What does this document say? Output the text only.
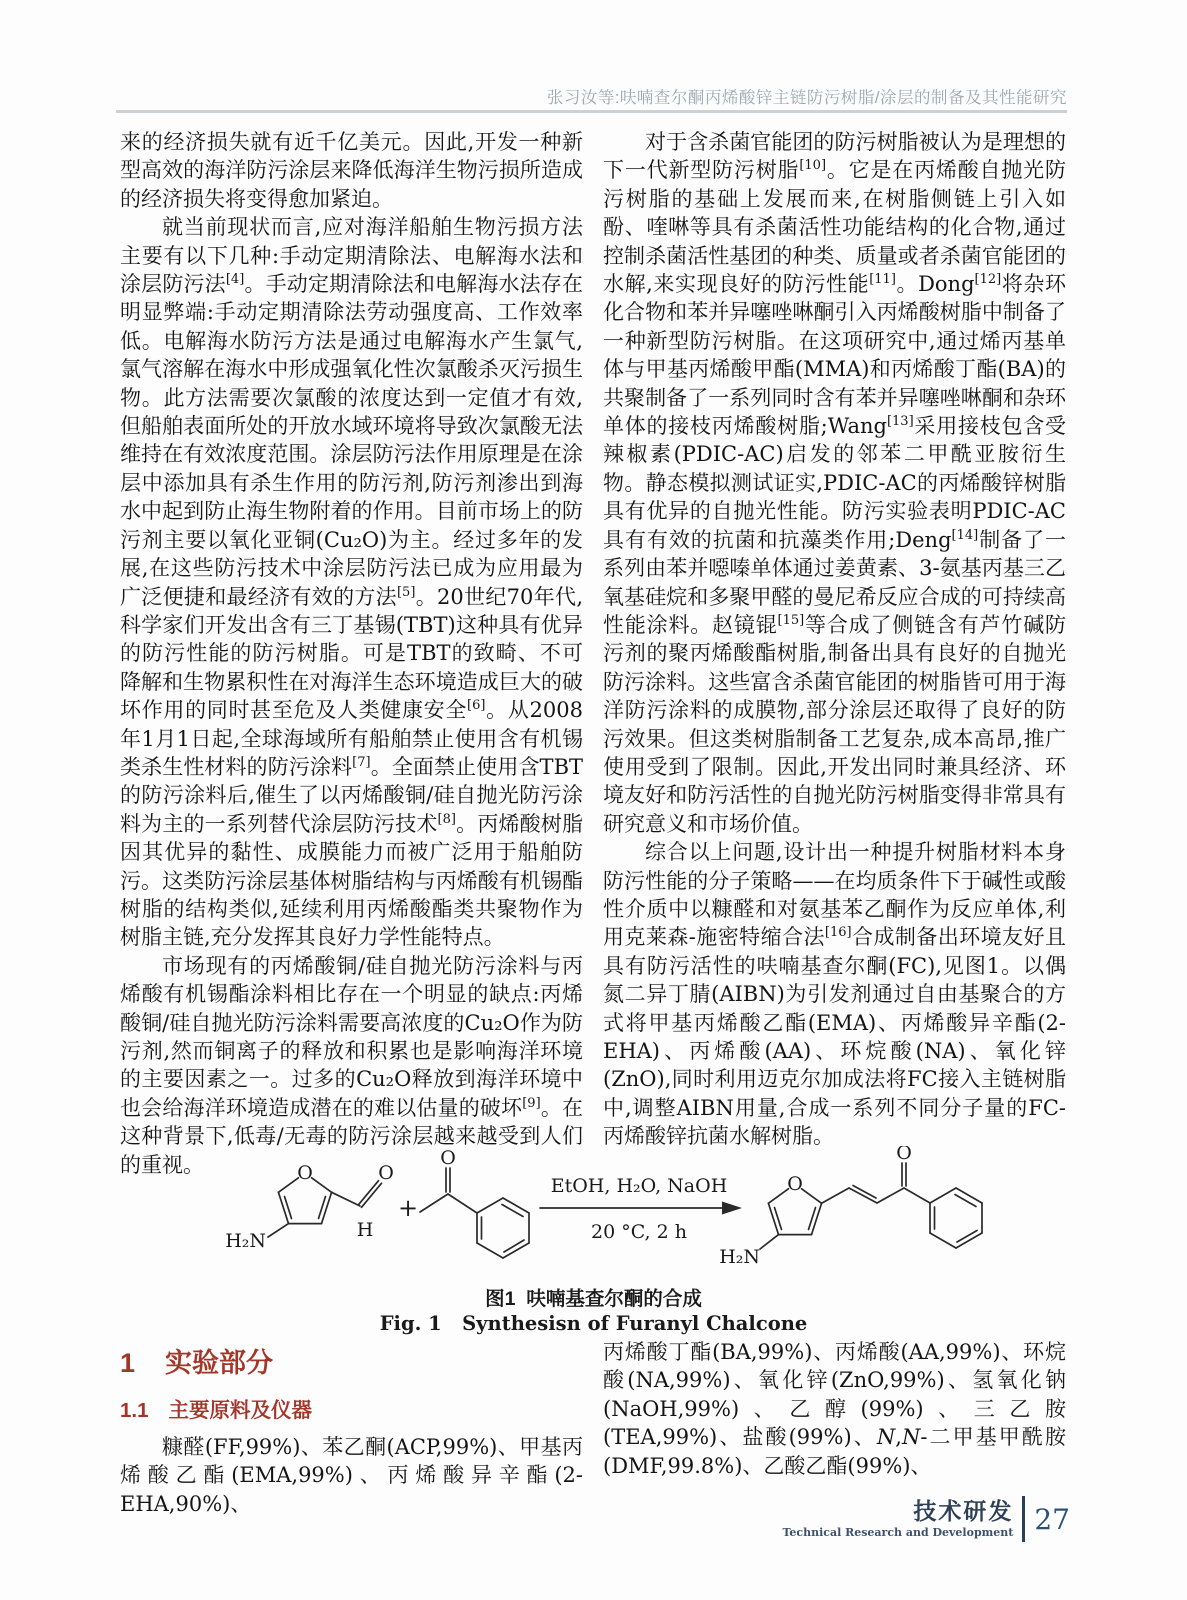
张习汝等:呋喃查尔酮丙烯酸锌主链防污树脂/涂层的制备及其性能研究

来的经济损失就有近千亿美元。因此,开发一种新型高效的海洋防污涂层来降低海洋生物污损所造成的经济损失将变得愈加紧迫。

就当前现状而言,应对海洋船舶生物污损方法主要有以下几种:手动定期清除法、电解海水法和涂层防污法[4]。手动定期清除法和电解海水法存在明显弊端:手动定期清除法劳动强度高、工作效率低。电解海水防污方法是通过电解海水产生氯气,氯气溶解在海水中形成强氧化性次氯酸杀灭污损生物。此方法需要次氯酸的浓度达到一定值才有效,但船舶表面所处的开放水域环境将导致次氯酸无法维持在有效浓度范围。涂层防污法作用原理是在涂层中添加具有杀生作用的防污剂,防污剂渗出到海水中起到防止海生物附着的作用。目前市场上的防污剂主要以氧化亚铜(Cu₂O)为主。经过多年的发展,在这些防污技术中涂层防污法已成为应用最为广泛便捷和最经济有效的方法[5]。20世纪70年代,科学家们开发出含有三丁基锡(TBT)这种具有优异的防污性能的防污树脂。可是TBT的致畸、不可降解和生物累积性在对海洋生态环境造成巨大的破坏作用的同时甚至危及人类健康安全[6]。从2008年1月1日起,全球海域所有船舶禁止使用含有机锡类杀生性材料的防污涂料[7]。全面禁止使用含TBT的防污涂料后,催生了以丙烯酸铜/硅自抛光防污涂料为主的一系列替代涂层防污技术[8]。丙烯酸树脂因其优异的黏性、成膜能力而被广泛用于船舶防污。这类防污涂层基体树脂结构与丙烯酸有机锡酯树脂的结构类似,延续利用丙烯酸酯类共聚物作为树脂主链,充分发挥其良好力学性能特点。

市场现有的丙烯酸铜/硅自抛光防污涂料与丙烯酸有机锡酯涂料相比存在一个明显的缺点:丙烯酸铜/硅自抛光防污涂料需要高浓度的Cu₂O作为防污剂,然而铜离子的释放和积累也是影响海洋环境的主要因素之一。过多的Cu₂O释放到海洋环境中也会给海洋环境造成潜在的难以估量的破坏[9]。在这种背景下,低毒/无毒的防污涂层越来越受到人们的重视。

对于含杀菌官能团的防污树脂被认为是理想的下一代新型防污树脂[10]。它是在丙烯酸自抛光防污树脂的基础上发展而来,在树脂侧链上引入如酚、喹啉等具有杀菌活性功能结构的化合物,通过控制杀菌活性基团的种类、质量或者杀菌官能团的水解,来实现良好的防污性能[11]。Dong[12]将杂环化合物和苯并异噻唑啉酮引入丙烯酸树脂中制备了一种新型防污树脂。在这项研究中,通过烯丙基单体与甲基丙烯酸甲酯(MMA)和丙烯酸丁酯(BA)的共聚制备了一系列同时含有苯并异噻唑啉酮和杂环单体的接枝丙烯酸树脂;Wang[13]采用接枝包含受辣椒素(PDIC-AC)启发的邻苯二甲酰亚胺衍生物。静态模拟测试证实,PDIC-AC的丙烯酸锌树脂具有优异的自抛光性能。防污实验表明PDIC-AC具有有效的抗菌和抗藻类作用;Deng[14]制备了一系列由苯并噁嗪单体通过姜黄素、3-氨基丙基三乙氧基硅烷和多聚甲醛的曼尼希反应合成的可持续高性能涂料。赵镜锟[15]等合成了侧链含有芦竹碱防污剂的聚丙烯酸酯树脂,制备出具有良好的自抛光防污涂料。这些富含杀菌官能团的树脂皆可用于海洋防污涂料的成膜物,部分涂层还取得了良好的防污效果。但这类树脂制备工艺复杂,成本高昂,推广使用受到了限制。因此,开发出同时兼具经济、环境友好和防污活性的自抛光防污树脂变得非常具有研究意义和市场价值。

综合以上问题,设计出一种提升树脂材料本身防污性能的分子策略——在均质条件下于碱性或酸性介质中以糠醛和对氨基苯乙酮作为反应单体,利用克莱森-施密特缩合法[16]合成制备出环境友好且具有防污活性的呋喃基查尔酮(FC),见图1。以偶氮二异丁腈(AIBN)为引发剂通过自由基聚合的方式将甲基丙烯酸乙酯(EMA)、丙烯酸异辛酯(2-EHA)、丙烯酸(AA)、环烷酸(NA)、氧化锌(ZnO),同时利用迈克尔加成法将FC接入主链树脂中,调整AIBN用量,合成一系列不同分子量的FC-丙烯酸锌抗菌水解树脂。

O	O
H
H₂N
+
O
EtOH, H₂O, NaOH
20 °C, 2 h
O
O
H₂N
图1  呋喃基查尔酮的合成
Fig. 1   Synthesisn of Furanyl Chalcone
1 实验部分
1.1 主要原料及仪器

糠醛(FF,99%)、苯乙酮(ACP,99%)、甲基丙烯酸乙酯(EMA,99%)、丙烯酸异辛酯(2-EHA,90%)、

丙烯酸丁酯(BA,99%)、丙烯酸(AA,99%)、环烷酸(NA,99%)、氧化锌(ZnO,99%)、氢氧化钠(NaOH,99%)、乙醇(99%)、三乙胺(TEA,99%)、盐酸(99%)、N,N-二甲基甲酰胺(DMF,99.8%)、乙酸乙酯(99%)、

技术研发
Technical Research and Development 27
